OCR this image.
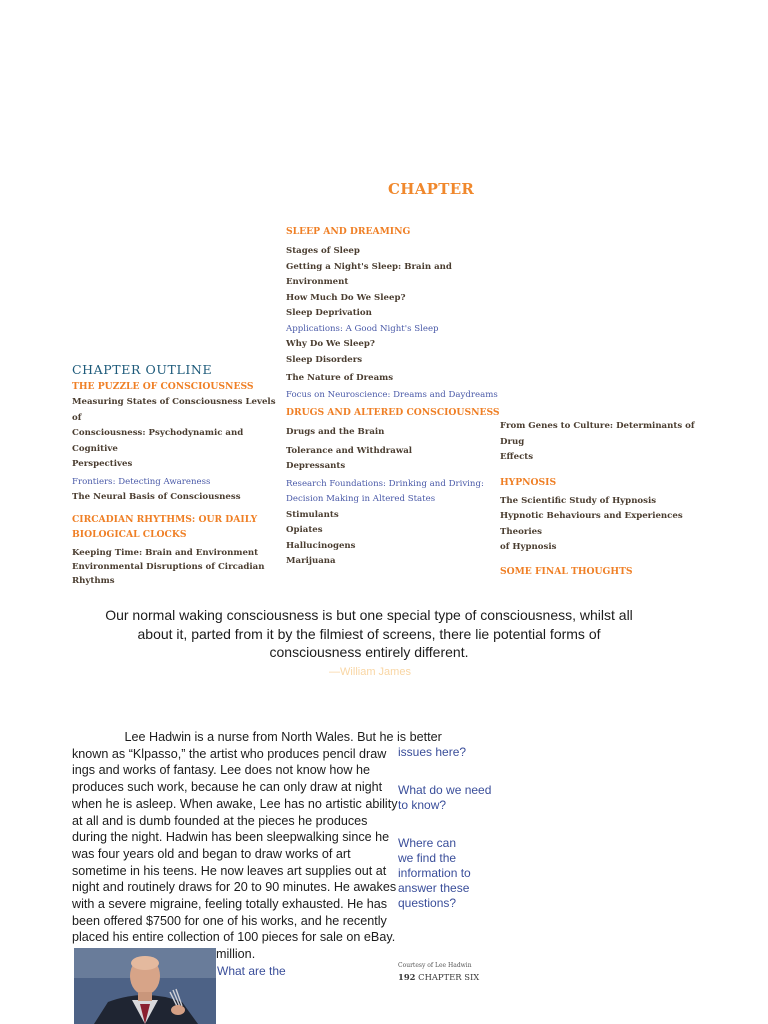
CHAPTER
SLEEP AND DREAMING
Stages of Sleep
Getting a Night's Sleep: Brain and Environment
How Much Do We Sleep?
Sleep Deprivation
Applications: A Good Night's Sleep
Why Do We Sleep?
Sleep Disorders
The Nature of Dreams
Focus on Neuroscience: Dreams and Daydreams
DRUGS AND ALTERED CONSCIOUSNESS
Drugs and the Brain
Tolerance and Withdrawal
Depressants
Research Foundations: Drinking and Driving:
Decision Making in Altered States
Stimulants
Opiates
Hallucinogens
Marijuana
CHAPTER OUTLINE
THE PUZZLE OF CONSCIOUSNESS
Measuring States of Consciousness Levels of
Consciousness: Psychodynamic and Cognitive
Perspectives
Frontiers: Detecting Awareness
The Neural Basis of Consciousness
CIRCADIAN RHYTHMS: OUR DAILY
BIOLOGICAL CLOCKS
Keeping Time: Brain and Environment
Environmental Disruptions of Circadian
Rhythms
From Genes to Culture: Determinants of Drug
Effects
HYPNOSIS
The Scientific Study of Hypnosis
Hypnotic Behaviours and Experiences Theories
of Hypnosis
SOME FINAL THOUGHTS
Our normal waking consciousness is but one special type of consciousness, whilst all
about it, parted from it by the filmiest of screens, there lie potential forms of
consciousness entirely different.
—William James
Lee Hadwin is a nurse from North Wales. But he is better
known as “Klpasso,” the artist who produces pencil draw
ings and works of fantasy. Lee does not know how he
produces such work, because he can only draw at night
when he is asleep. When awake, Lee has no artistic ability
at all and is dumb founded at the pieces he produces
during the night. Hadwin has been sleepwalking since he
was four years old and began to draw works of art
sometime in his teens. He now leaves art supplies out at
night and routinely draws for 20 to 90 minutes. He awakes
with a severe migraine, feeling totally exhausted. He has
been offered $7500 for one of his works, and he recently
placed his entire collection of 100 pieces for sale on eBay.
million.
issues here?
What do we need
to know?
Where can
we find the
information to
answer these
questions?
What are the	Courtesy of Lee Hadwin
192 CHAPTER SIX
